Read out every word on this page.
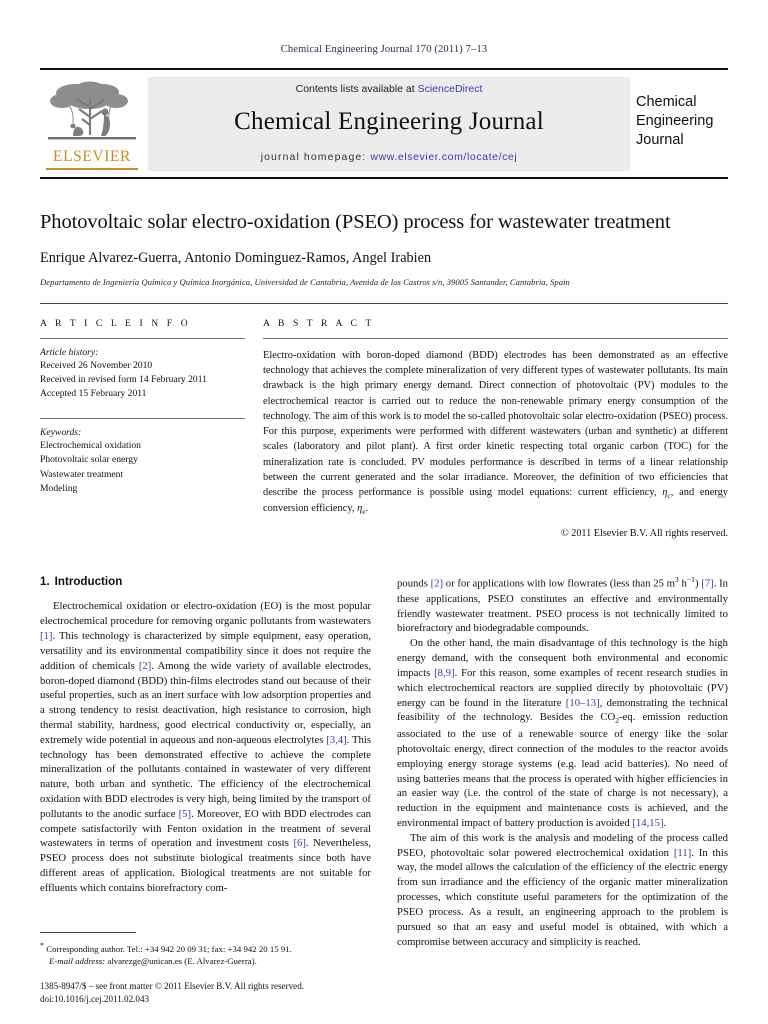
Chemical Engineering Journal 170 (2011) 7–13
ELSEVIER
Contents lists available at ScienceDirect
Chemical Engineering Journal
journal homepage: www.elsevier.com/locate/cej
Chemical
Engineering
Journal
Photovoltaic solar electro-oxidation (PSEO) process for wastewater treatment
Enrique Alvarez-Guerra, Antonio Dominguez-Ramos, Angel Irabien
Departamento de Ingeniería Química y Química Inorgánica, Universidad de Cantabria, Avenida de los Castros s/n, 39005 Santander, Cantabria, Spain
A R T I C L E I N F O
Article history:
Received 26 November 2010
Received in revised form 14 February 2011
Accepted 15 February 2011
Keywords:
Electrochemical oxidation
Photovoltaic solar energy
Wastewater treatment
Modeling
A B S T R A C T
Electro-oxidation with boron-doped diamond (BDD) electrodes has been demonstrated as an effective technology that achieves the complete mineralization of very different types of wastewater pollutants. Its main drawback is the high primary energy demand. Direct connection of photovoltaic (PV) modules to the electrochemical reactor is carried out to reduce the non-renewable primary energy consumption of the technology. The aim of this work is to model the so-called photovoltaic solar electro-oxidation (PSEO) process. For this purpose, experiments were performed with different wastewaters (urban and synthetic) at different scales (laboratory and pilot plant). A first order kinetic respecting total organic carbon (TOC) for the mineralization rate is concluded. PV modules performance is described in terms of a linear relationship between the current generated and the solar irradiance. Moreover, the definition of two efficiencies that describe the process performance is possible using model equations: current efficiency, $\eta_c$, and energy conversion efficiency, $\eta_e$.
© 2011 Elsevier B.V. All rights reserved.
1. Introduction

Electrochemical oxidation or electro-oxidation (EO) is the most popular electrochemical procedure for removing organic pollutants from wastewaters [1]. This technology is characterized by simple equipment, easy operation, versatility and its environmental compatibility since it does not require the addition of chemicals [2]. Among the wide variety of available electrodes, boron-doped diamond (BDD) thin-films electrodes stand out because of their useful properties, such as an inert surface with low adsorption properties and a strong tendency to resist deactivation, high resistance to corrosion, high thermal stability, hardness, good electrical conductivity or, especially, an extremely wide potential in aqueous and non-aqueous electrolytes [3,4]. This technology has been demonstrated effective to achieve the complete mineralization of the pollutants contained in wastewater of very different nature, both urban and synthetic. The efficiency of the electrochemical oxidation with BDD electrodes is very high, being limited by the transport of pollutants to the anodic surface [5]. Moreover, EO with BDD electrodes can compete satisfactorily with Fenton oxidation in the treatment of several wastewaters in terms of operation and investment costs [6]. Nevertheless, PSEO process does not substitute biological treatments since both have different areas of application. Biological treatments are not suitable for effluents which contains biorefractory com-

pounds [2] or for applications with low flowrates (less than 25 $m^3$ $h^{-1}$) [7]. In these applications, PSEO constitutes an effective and environmentally friendly wastewater treatment. PSEO process is not technically limited to biorefractory and biodegradable compounds.

On the other hand, the main disadvantage of this technology is the high energy demand, with the consequent both environmental and economic impacts [8,9]. For this reason, some examples of recent research studies in which electrochemical reactors are supplied directly by photovoltaic (PV) energy can be found in the literature [10–13], demonstrating the technical feasibility of the technology. Besides the $CO_2-eq$. emission reduction associated to the use of a renewable source of energy like the solar photovoltaic energy, direct connection of the modules to the reactor avoids employing energy storage systems (e.g. lead acid batteries). No need of using batteries means that the process is operated with higher efficiencies in an easier way (i.e. the control of the state of charge is not necessary), a reduction in the equipment and maintenance costs is achieved, and the environmental impact of battery production is avoided [14,15].

The aim of this work is the analysis and modeling of the process called PSEO, photovoltaic solar powered electrochemical oxidation [11]. In this way, the model allows the calculation of the efficiency of the electric energy from sun irradiance and the efficiency of the organic matter mineralization processes, which constitute useful parameters for the optimization of the PSEO process. As a result, an engineering approach to the problem is pursued so that an easy and useful model is obtained, with which a compromise between accuracy and simplicity is reached.

* Corresponding author. Tel.: +34 942 20 09 31; fax: +34 942 20 15 91.
E-mail address: alvarezge@unican.es (E. Alvarez-Guerra).
1385-8947/$ – see front matter © 2011 Elsevier B.V. All rights reserved.
doi:10.1016/j.cej.2011.02.043
